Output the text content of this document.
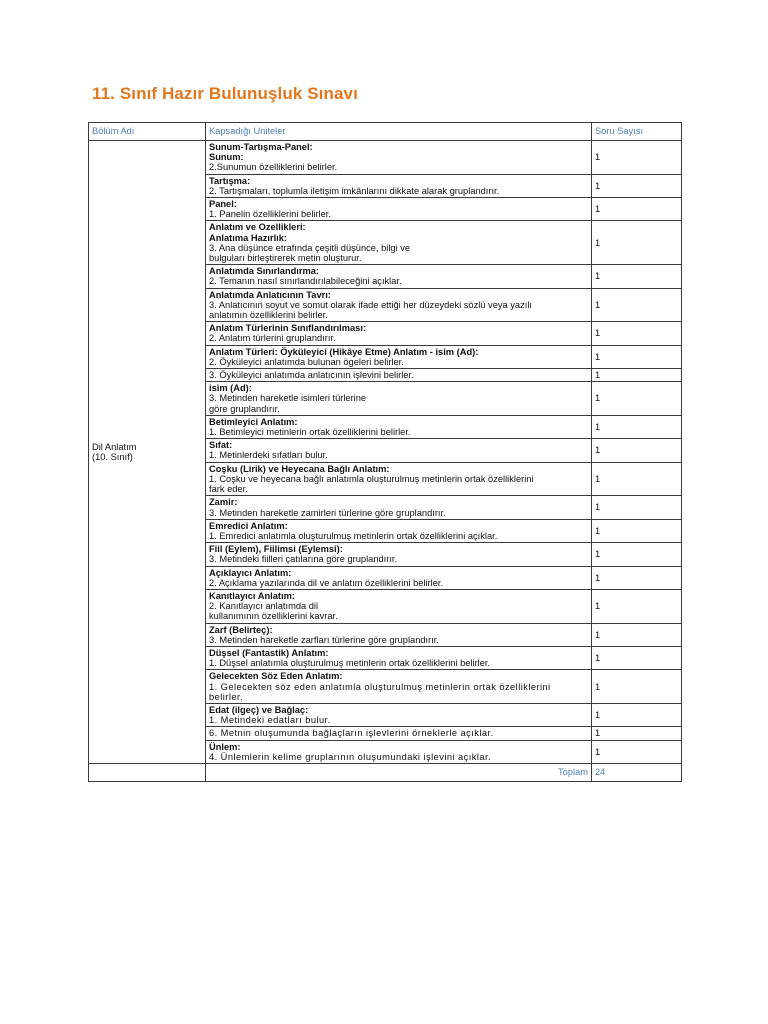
11. Sınıf Hazır Bulunuşluk Sınavı
Bölüm Adı	Kapsadığı Uniteler	Soru Sayısı

Dil Anlatım
(10. Sınıf)	Sunum-Tartışma-Panel:
Sunum:
2.Sunumun özelliklerini belirler.	1

	Tartışma:
2. Tartışmaları, toplumla iletişim imkânlarını dikkate alarak gruplandırır.	1

	Panel:
1. Panelin özelliklerini belirler.	1

	Anlatım ve Ozellikleri:
Anlatıma Hazırlık:
3. Ana düşünce etrafında çeşitli düşünce, bilgi ve
bulguları birleştirerek metin oluşturur.	1

	Anlatımda Sınırlandırma:
2. Temanın nasıl sınırlandırılabileceğini açıklar.	1

	Anlatımda Anlatıcının Tavrı:
3. Anlatıcının soyut ve somut olarak ifade ettiği her düzeydeki sözlü veya yazılı
anlatımın özelliklerini belirler.	1

	Anlatım Türlerinin Sınıflandırılması:
2. Anlatım türlerini gruplandırır.	1

	Anlatım Türleri: Öyküleyici (Hikâye Etme) Anlatım - isim (Ad):
2. Öyküleyici anlatımda bulunan ögeleri belirler.	1

	3. Öyküleyici anlatımda anlatıcının işlevini belirler.	1

	isim (Ad):
3. Metinden hareketle isimleri türlerine
göre gruplandırır.	1

	Betimleyici Anlatım:
1. Betimleyici metinlerin ortak özelliklerini belirler.	1

	Sıfat:
1. Metinlerdeki sıfatları bulur.	1

	Coşku (Lirik) ve Heyecana Bağlı Anlatım:
1. Coşku ve heyecana bağlı anlatımla oluşturulmuş metinlerin ortak özelliklerini
fark eder.	1

	Zamir:
3. Metinden hareketle zamirleri türlerine göre gruplandırır.	1

	Emredici Anlatım:
1. Emredici anlatımla oluşturulmuş metinlerin ortak özelliklerini açıklar.	1

	Fiil (Eylem), Fiilimsi (Eylemsi):
3. Metindeki fiilleri çatılarına göre gruplandırır.	1

	Açıklayıcı Anlatım:
2. Açıklama yazılarında dil ve anlatım özelliklerini belirler.	1

	Kanıtlayıcı Anlatım:
2. Kanıtlayıcı anlatımda dil
kullanımının özelliklerini kavrar.	1

	Zarf (Belirteç):
3. Metinden hareketle zarfları türlerine göre gruplandırır.	1

	Düşsel (Fantastik) Anlatım:
1. Düşsel anlatımla oluşturulmuş metinlerin ortak özelliklerini belirler.	1

	Gelecekten Söz Eden Anlatım:
1. Gelecekten söz eden anlatımla oluşturulmuş metinlerin ortak özelliklerini
belirler.	1

	Edat (ilgeç) ve Bağlaç:
1. Metindeki edatları bulur.	1

	6. Metnin oluşumunda bağlaçların işlevlerini örneklerle açıklar.	1

	Ünlem:
4. Ünlemlerin kelime gruplarının oluşumundaki işlevini açıklar.	1
	Toplam	24
